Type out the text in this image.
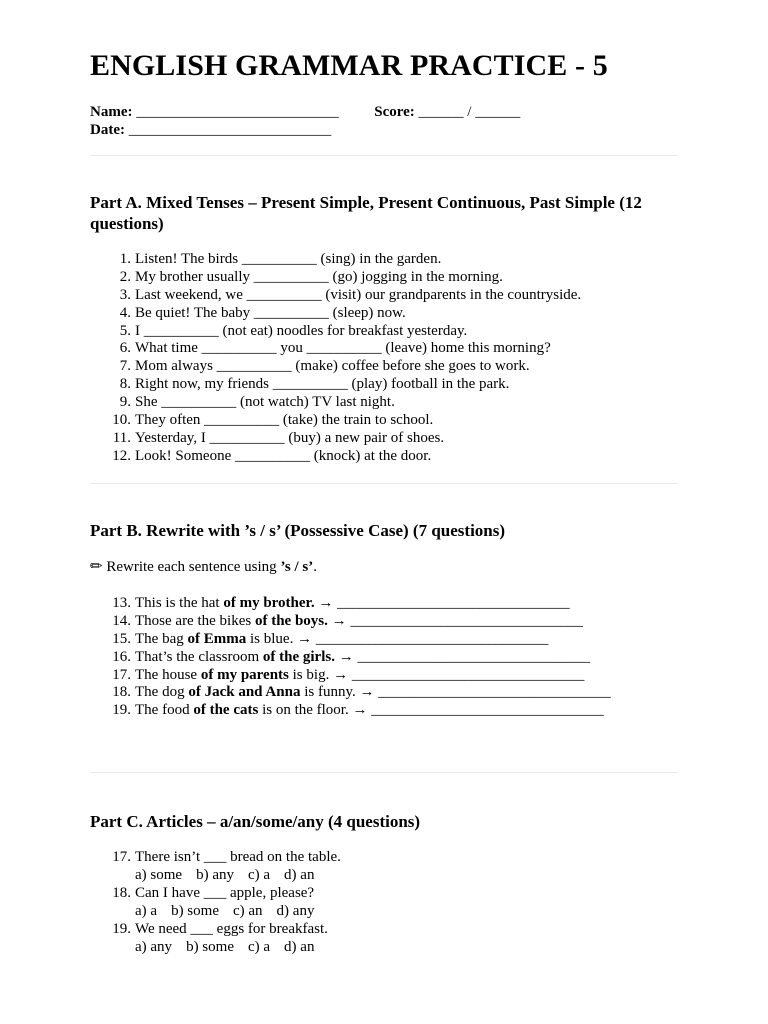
ENGLISH GRAMMAR PRACTICE - 5
Name: ___________________________ Score: ______ / ______
Date: ___________________________
Part A. Mixed Tenses – Present Simple, Present Continuous, Past Simple (12 questions)
1. Listen! The birds __________ (sing) in the garden.
2. My brother usually __________ (go) jogging in the morning.
3. Last weekend, we __________ (visit) our grandparents in the countryside.
4. Be quiet! The baby __________ (sleep) now.
5. I __________ (not eat) noodles for breakfast yesterday.
6. What time __________ you __________ (leave) home this morning?
7. Mom always __________ (make) coffee before she goes to work.
8. Right now, my friends __________ (play) football in the park.
9. She __________ (not watch) TV last night.
10. They often __________ (take) the train to school.
11. Yesterday, I __________ (buy) a new pair of shoes.
12. Look! Someone __________ (knock) at the door.
Part B. Rewrite with ’s / s’ (Possessive Case) (7 questions)
✏ Rewrite each sentence using ’s / s’.
13. This is the hat of my brother. → _______________________________
14. Those are the bikes of the boys. → _______________________________
15. The bag of Emma is blue. → _______________________________
16. That’s the classroom of the girls. → _______________________________
17. The house of my parents is big. → _______________________________
18. The dog of Jack and Anna is funny. → _______________________________
19. The food of the cats is on the floor. → _______________________________
Part C. Articles – a/an/some/any (4 questions)
17. There isn’t ___ bread on the table.
a) some b) any c) a d) an
18. Can I have ___ apple, please?
a) a b) some c) an d) any
19. We need ___ eggs for breakfast.
a) any b) some c) a d) an
